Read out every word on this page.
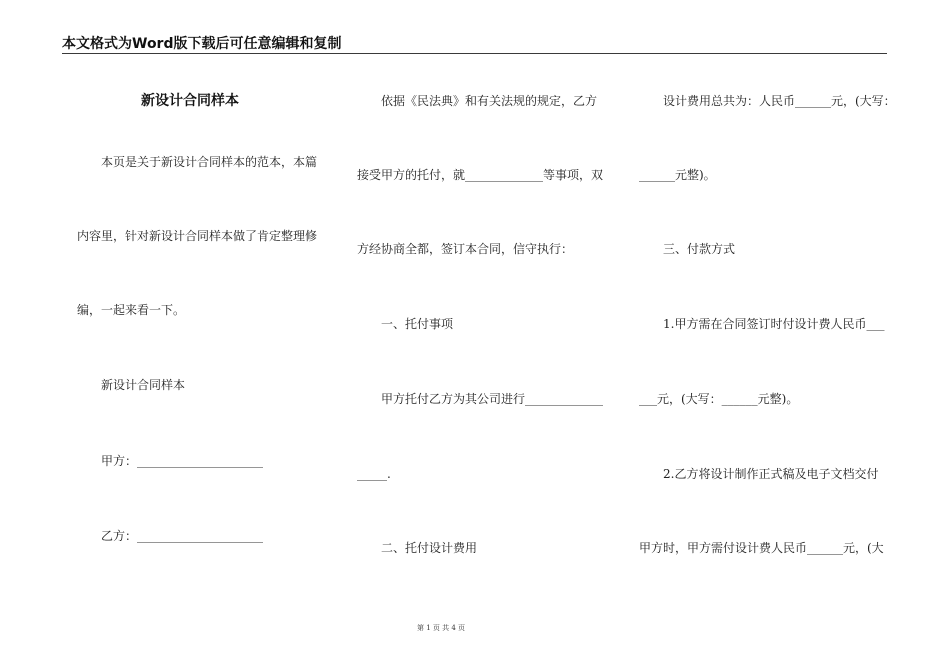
本文格式为Word版下载后可任意编辑和复制
新设计合同样本
本页是关于新设计合同样本的范本，本篇
内容里，针对新设计合同样本做了肯定整理修
编，一起来看一下。
新设计合同样本
甲方：_____________________
乙方：_____________________
依据《民法典》和有关法规的规定，乙方
接受甲方的托付，就_____________等事项，双
方经协商全都，签订本合同，信守执行：
一、托付事项
甲方托付乙方为其公司进行_____________
_____.
二、托付设计费用
设计费用总共为：人民币______元，(大写：
______元整)。
三、付款方式
1.甲方需在合同签订时付设计费人民币___
___元，(大写：______元整)。
2.乙方将设计制作正式稿及电子文档交付
甲方时，甲方需付设计费人民币______元，(大
第 1 页 共 4 页
